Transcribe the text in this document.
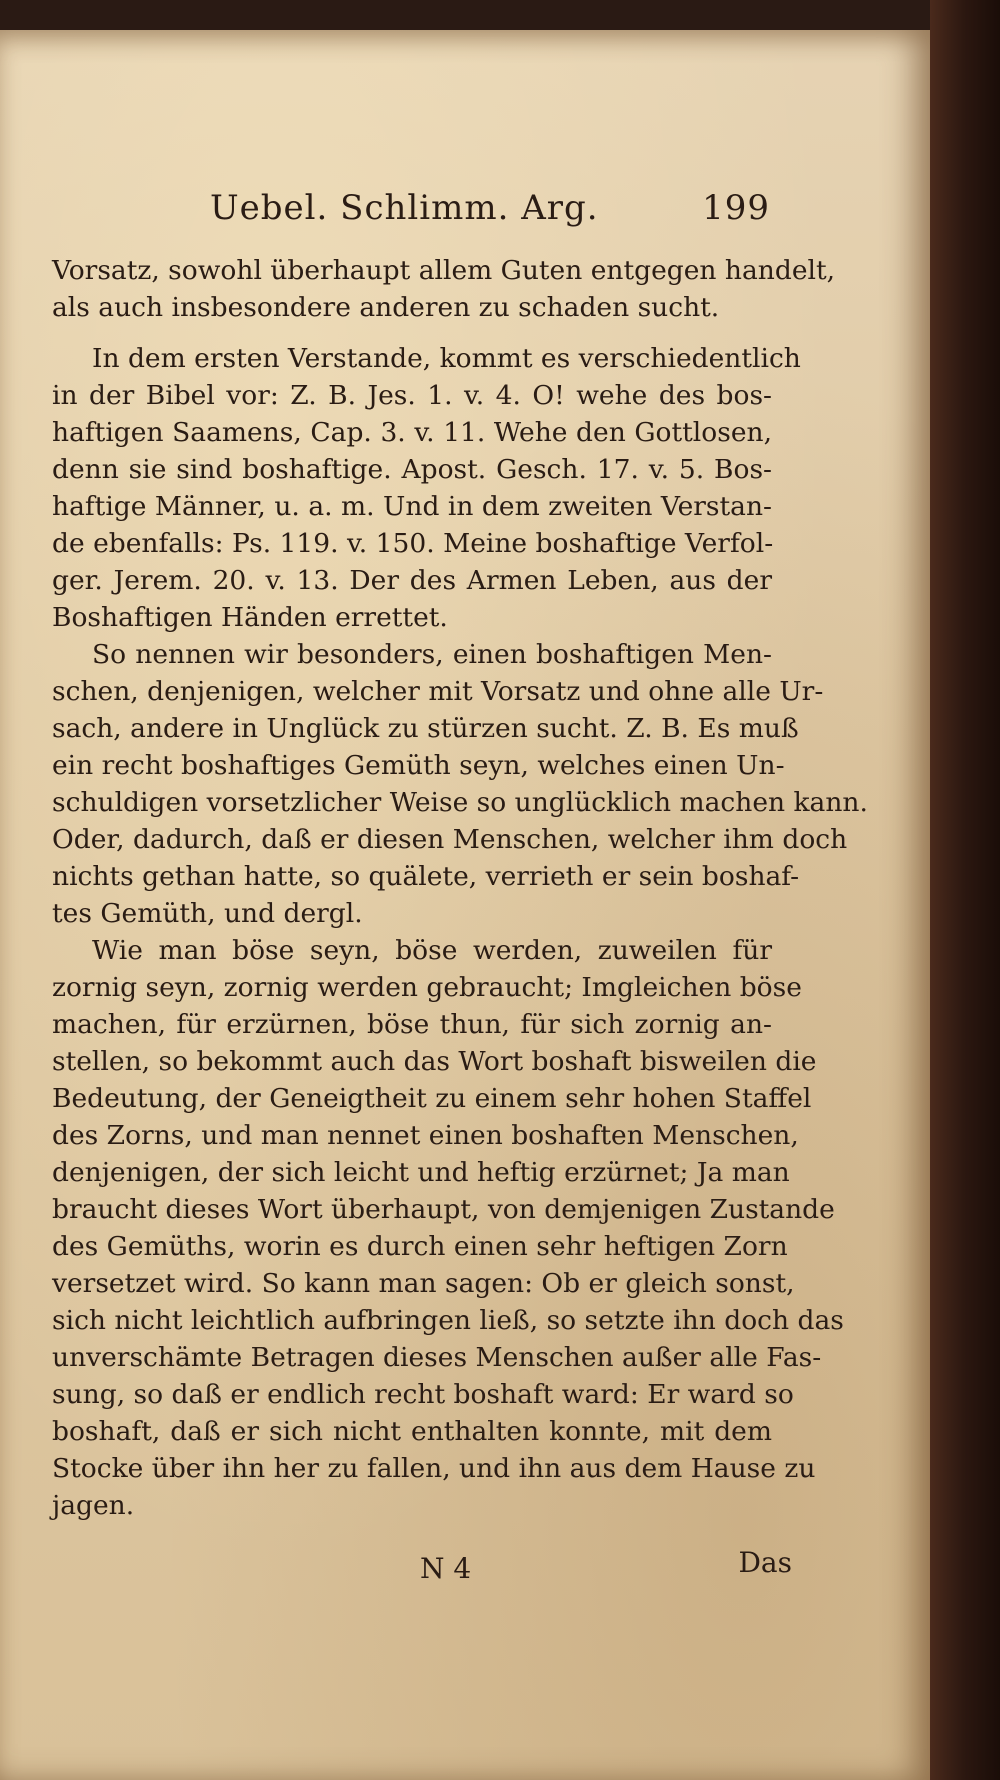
Uebel. Schlimm. Arg.	199
Vorsatz, sowohl überhaupt allem Guten entgegen handelt,
als auch insbesondere anderen zu schaden sucht.
In dem ersten Verstande, kommt es verschiedentlich
in der Bibel vor: Z. B. Jes. 1. v. 4. O! wehe des bos-
haftigen Saamens, Cap. 3. v. 11. Wehe den Gottlosen,
denn sie sind boshaftige. Apost. Gesch. 17. v. 5. Bos-
haftige Männer, u. a. m. Und in dem zweiten Verstan-
de ebenfalls: Ps. 119. v. 150. Meine boshaftige Verfol-
ger. Jerem. 20. v. 13. Der des Armen Leben, aus der
Boshaftigen Händen errettet.
So nennen wir besonders, einen boshaftigen Men-
schen, denjenigen, welcher mit Vorsatz und ohne alle Ur-
sach, andere in Unglück zu stürzen sucht. Z. B. Es muß
ein recht boshaftiges Gemüth seyn, welches einen Un-
schuldigen vorsetzlicher Weise so unglücklich machen kann.
Oder, dadurch, daß er diesen Menschen, welcher ihm doch
nichts gethan hatte, so quälete, verrieth er sein boshaf-
tes Gemüth, und dergl.
Wie man böse seyn, böse werden, zuweilen für
zornig seyn, zornig werden gebraucht; Imgleichen böse
machen, für erzürnen, böse thun, für sich zornig an-
stellen, so bekommt auch das Wort boshaft bisweilen die
Bedeutung, der Geneigtheit zu einem sehr hohen Staffel
des Zorns, und man nennet einen boshaften Menschen,
denjenigen, der sich leicht und heftig erzürnet; Ja man
braucht dieses Wort überhaupt, von demjenigen Zustande
des Gemüths, worin es durch einen sehr heftigen Zorn
versetzet wird. So kann man sagen: Ob er gleich sonst,
sich nicht leichtlich aufbringen ließ, so setzte ihn doch das
unverschämte Betragen dieses Menschen außer alle Fas-
sung, so daß er endlich recht boshaft ward: Er ward so
boshaft, daß er sich nicht enthalten konnte, mit dem
Stocke über ihn her zu fallen, und ihn aus dem Hause zu
jagen.
N 4	Das
